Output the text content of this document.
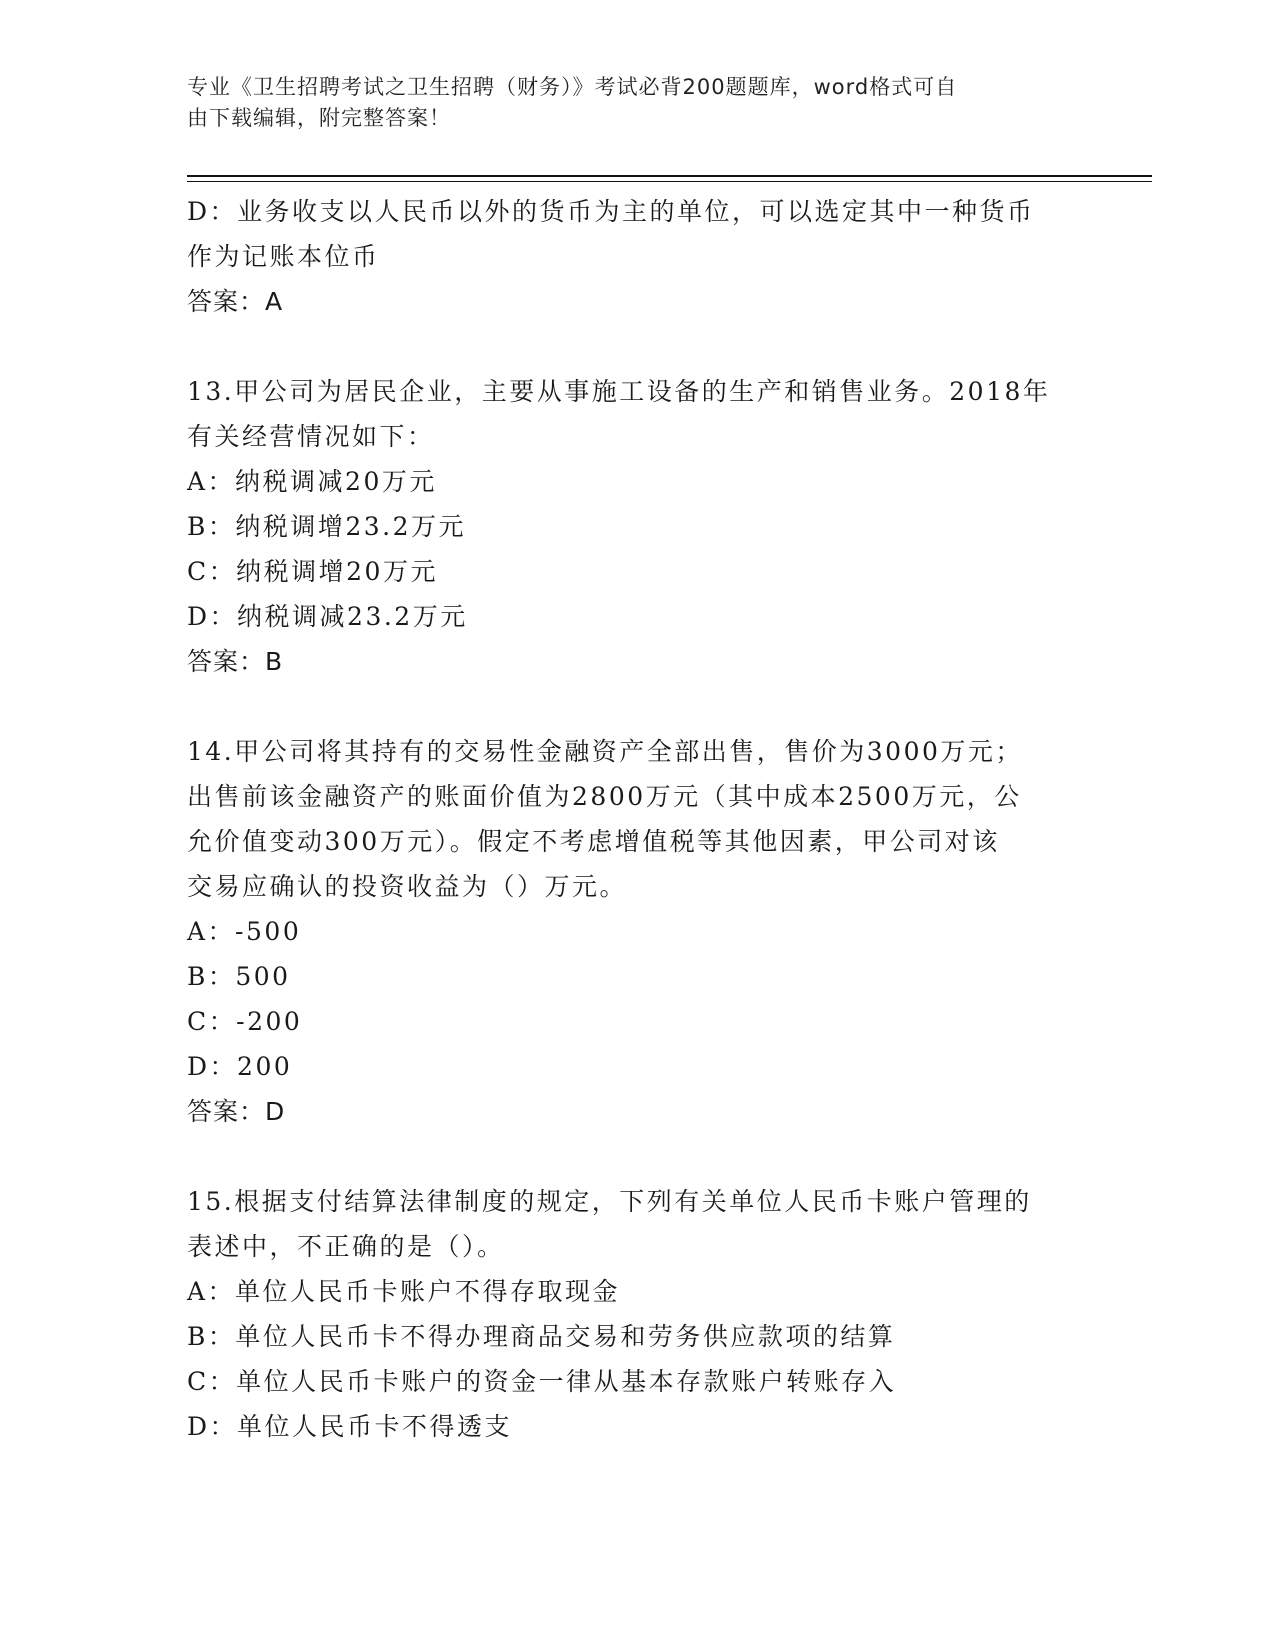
专业《卫生招聘考试之卫生招聘（财务）》考试必背200题题库，word格式可自
由下载编辑，附完整答案！
D：业务收支以人民币以外的货币为主的单位，可以选定其中一种货币
作为记账本位币
答案：A
13.甲公司为居民企业，主要从事施工设备的生产和销售业务。2018年
有关经营情况如下：
A：纳税调减20万元
B：纳税调增23.2万元
C：纳税调增20万元
D：纳税调减23.2万元
答案：B
14.甲公司将其持有的交易性金融资产全部出售，售价为3000万元；
出售前该金融资产的账面价值为2800万元（其中成本2500万元，公
允价值变动300万元）。假定不考虑增值税等其他因素，甲公司对该
交易应确认的投资收益为（）万元。
A：-500
B：500
C：-200
D：200
答案：D
15.根据支付结算法律制度的规定，下列有关单位人民币卡账户管理的
表述中，不正确的是（）。
A：单位人民币卡账户不得存取现金
B：单位人民币卡不得办理商品交易和劳务供应款项的结算
C：单位人民币卡账户的资金一律从基本存款账户转账存入
D：单位人民币卡不得透支
